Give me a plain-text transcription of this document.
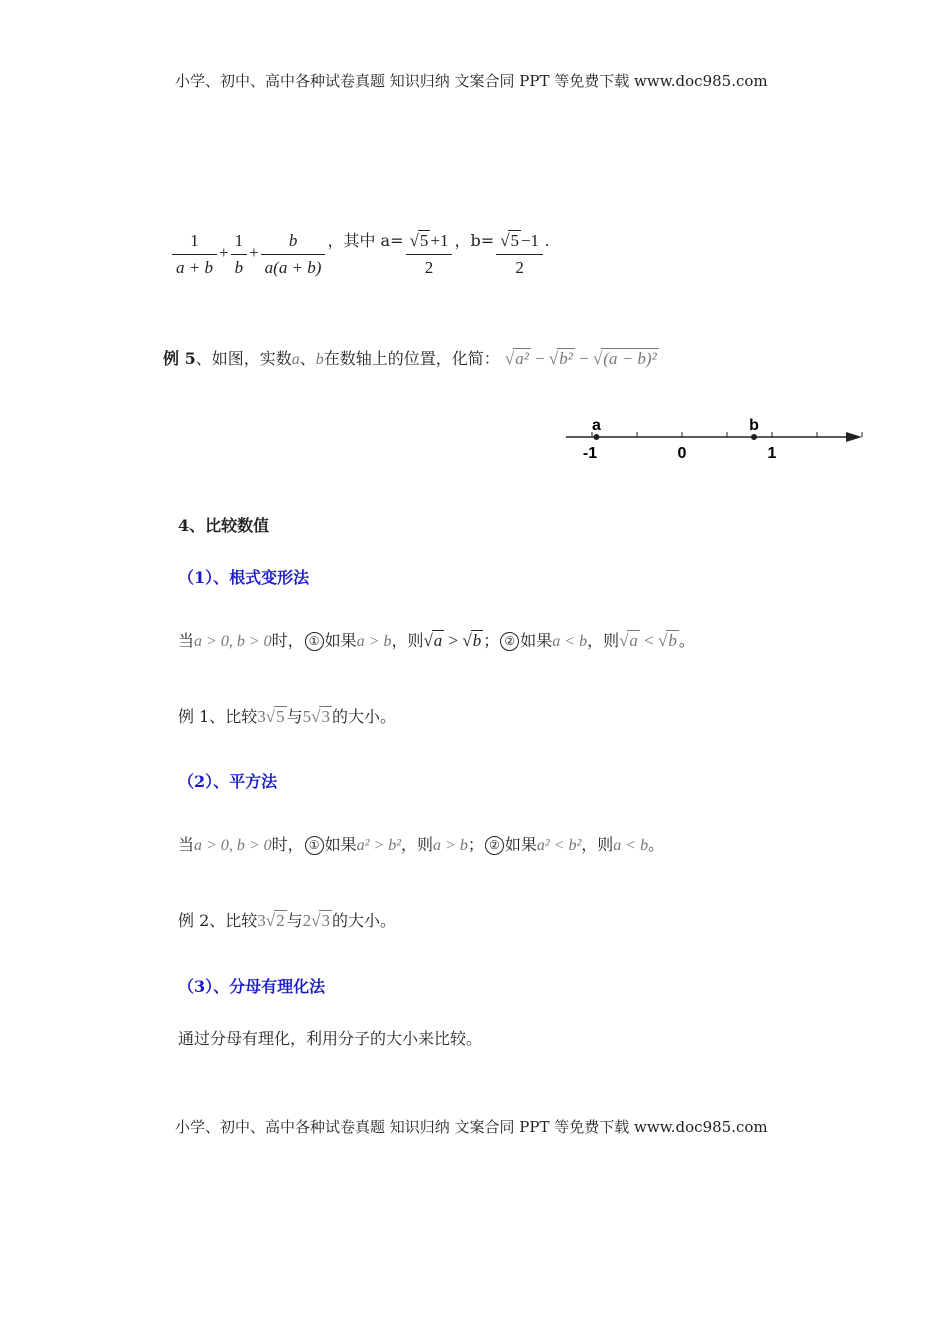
小学、初中、高中各种试卷真题 知识归纳 文案合同 PPT 等免费下载 www.doc985.com
$\frac{1}{a + b} + \frac{1}{b} + \frac{b}{a(a + b)}$ ，其中 $a= \frac{√5 +1}{2}$ ，$b= \frac{√5 -1}{2}$ .
例 5、如图，实数a、b在数轴上的位置，化简： √a² − √b² − √(a − b)²
a	b
-1	0	1
4、比较数值
（1）、根式变形法
当a > 0, b > 0时， ① 如果a > b，则√a > √b ； ② 如果a < b，则√a < √b 。
例 1、比较3√5 与5√3 的大小。
（2）、平方法
当a > 0, b > 0时， ① 如果a² > b²，则a > b； ② 如果a² < b²，则a < b。
例 2、比较3√2 与2√3 的大小。
（3）、分母有理化法
通过分母有理化，利用分子的大小来比较。
小学、初中、高中各种试卷真题 知识归纳 文案合同 PPT 等免费下载 www.doc985.com
